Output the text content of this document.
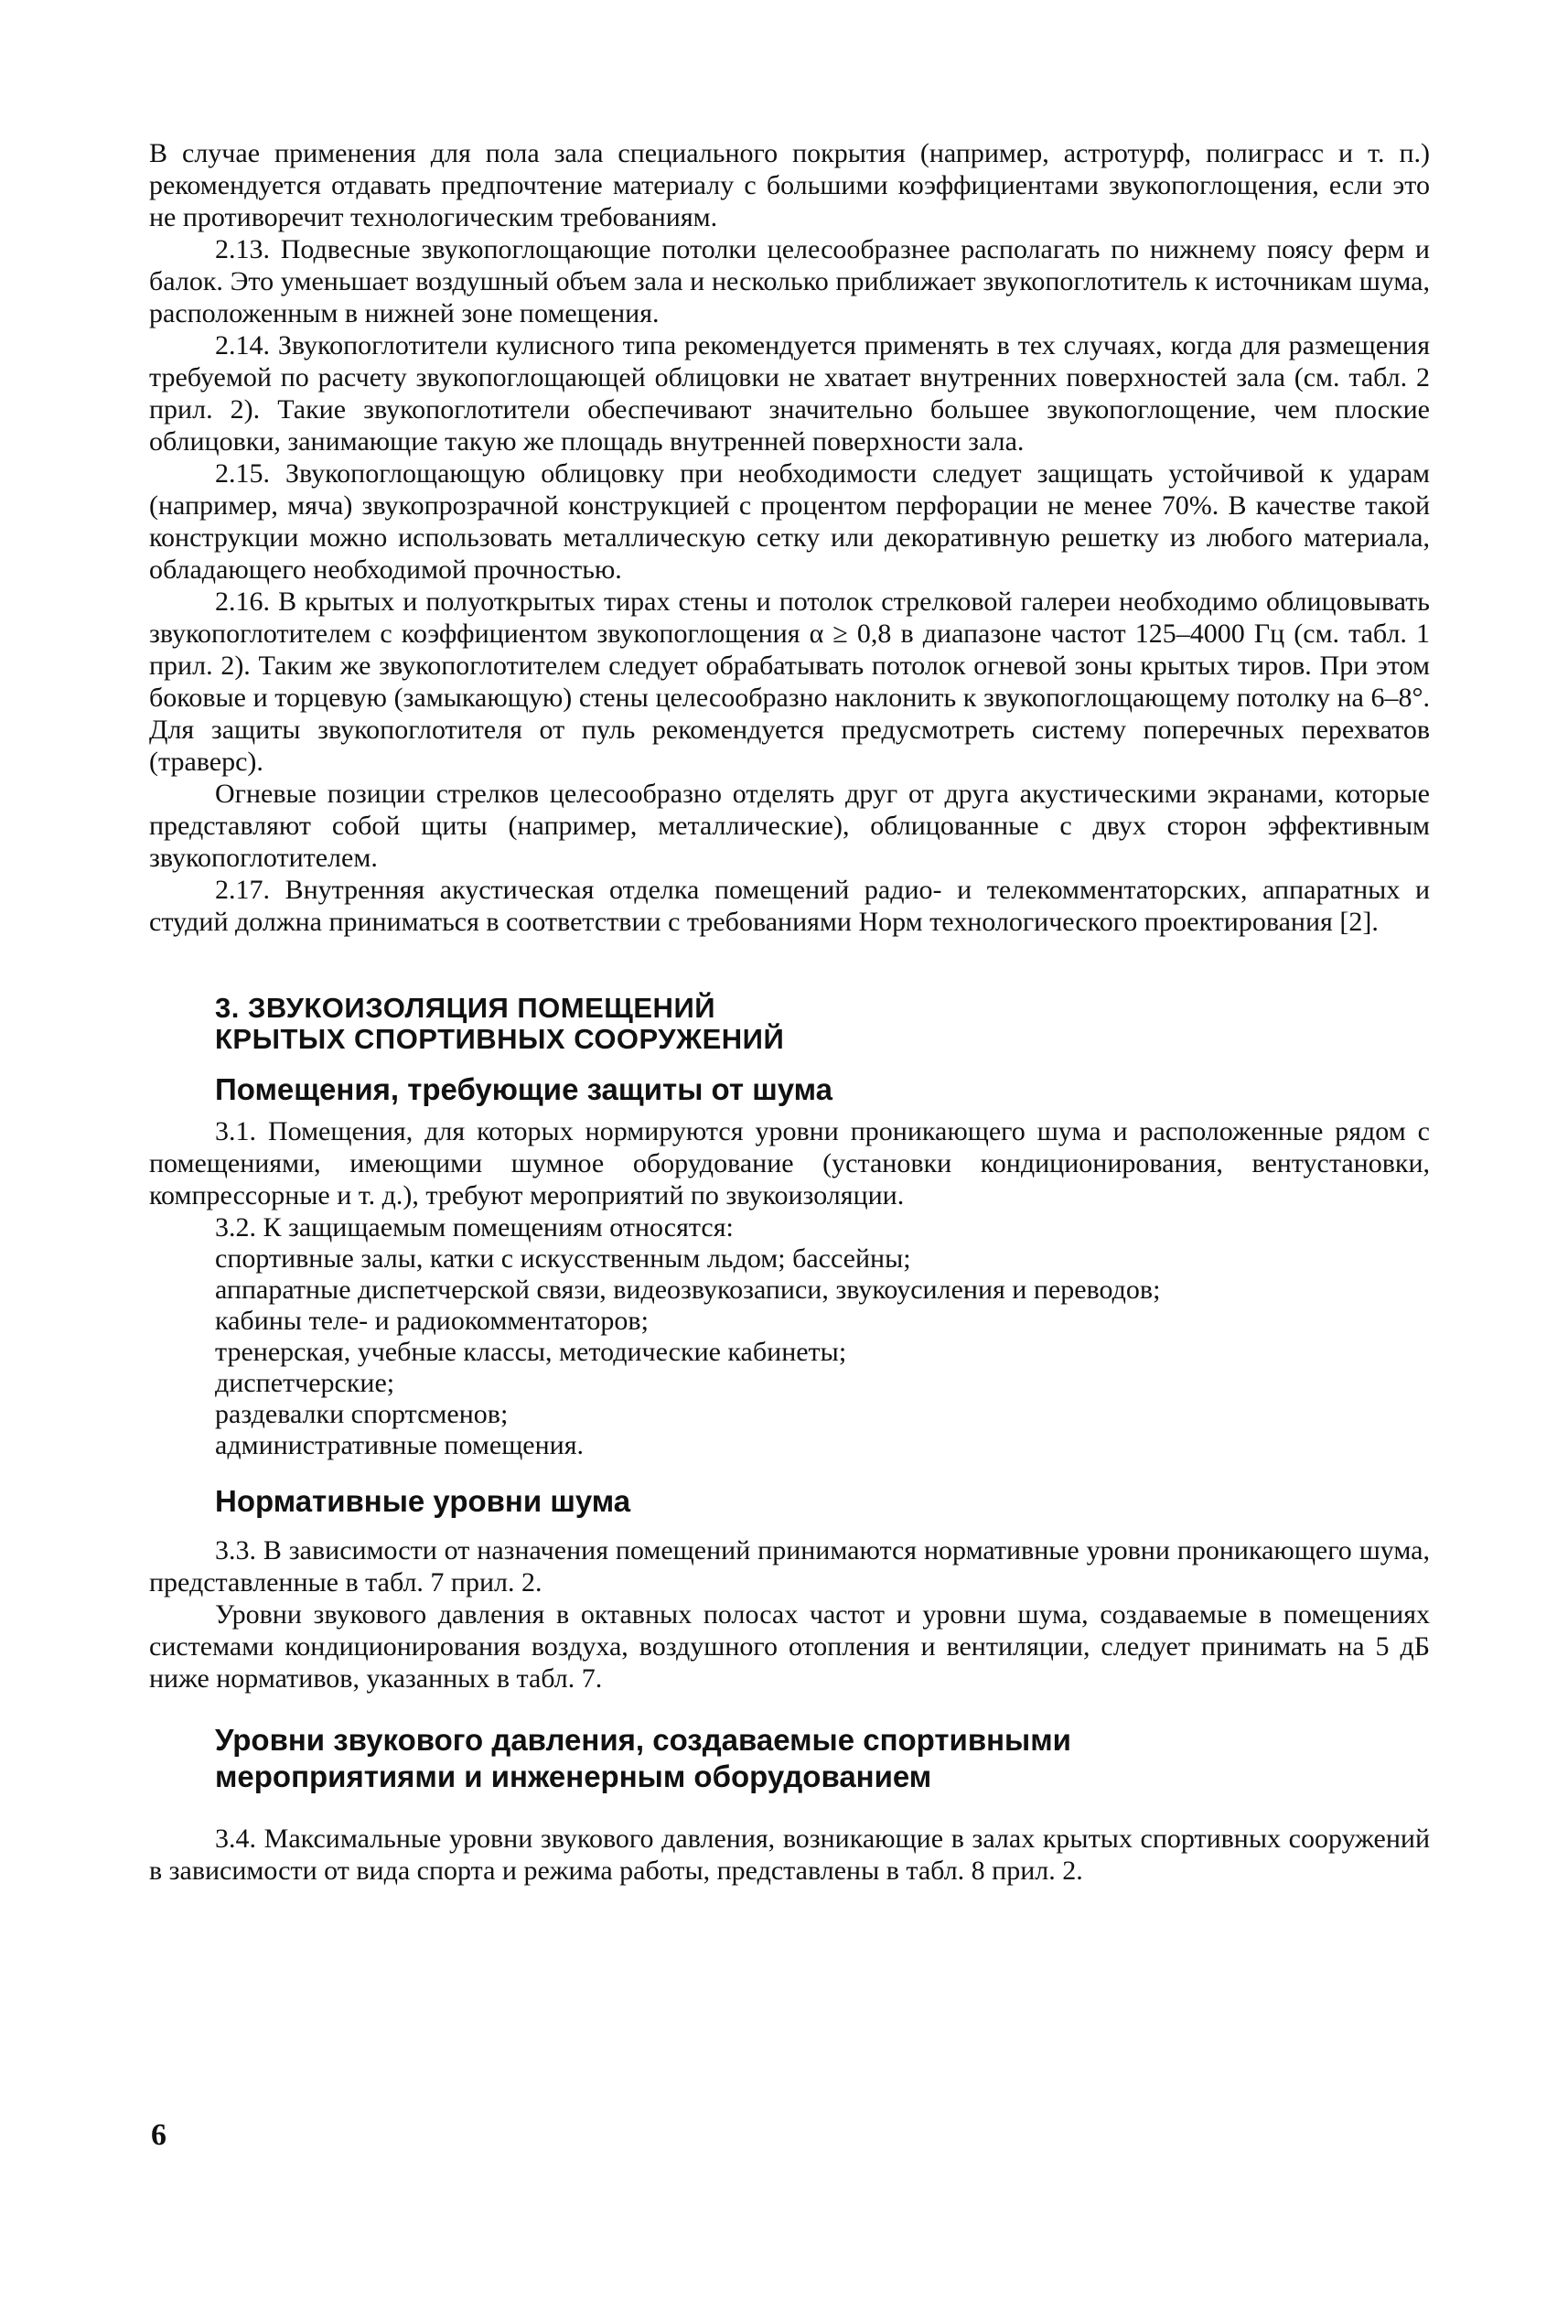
В случае применения для пола зала специального покрытия (например, астротурф, полиграсс и т. п.) рекомендуется отдавать предпочтение материалу с большими коэффициентами звукопоглощения, если это не противоречит технологическим требованиям.

2.13. Подвесные звукопоглощающие потолки целесообразнее располагать по нижнему поясу ферм и балок. Это уменьшает воздушный объем зала и несколько приближает звукопоглотитель к источникам шума, расположенным в нижней зоне помещения.

2.14. Звукопоглотители кулисного типа рекомендуется применять в тех случаях, когда для размещения требуемой по расчету звукопоглощающей облицовки не хватает внутренних поверхностей зала (см. табл. 2 прил. 2). Такие звукопоглотители обеспечивают значительно большее звукопоглощение, чем плоские облицовки, занимающие такую же площадь внутренней поверхности зала.

2.15. Звукопоглощающую облицовку при необходимости следует защищать устойчивой к ударам (например, мяча) звукопрозрачной конструкцией с процентом перфорации не менее 70%. В качестве такой конструкции можно использовать металлическую сетку или декоративную решетку из любого материала, обладающего необходимой прочностью.

2.16. В крытых и полуоткрытых тирах стены и потолок стрелковой галереи необходимо облицовывать звукопоглотителем с коэффициентом звукопоглощения α ≥ 0,8 в диапазоне частот 125–4000 Гц (см. табл. 1 прил. 2). Таким же звукопоглотителем следует обрабатывать потолок огневой зоны крытых тиров. При этом боковые и торцевую (замыкающую) стены целесообразно наклонить к звукопоглощающему потолку на 6–8°. Для защиты звукопоглотителя от пуль рекомендуется предусмотреть систему поперечных перехватов (траверс).

Огневые позиции стрелков целесообразно отделять друг от друга акустическими экранами, которые представляют собой щиты (например, металлические), облицованные с двух сторон эффективным звукопоглотителем.

2.17. Внутренняя акустическая отделка помещений радио- и телекомментаторских, аппаратных и студий должна приниматься в соответствии с требованиями Норм технологического проектирования [2].

3. ЗВУКОИЗОЛЯЦИЯ ПОМЕЩЕНИЙ
КРЫТЫХ СПОРТИВНЫХ СООРУЖЕНИЙ
Помещения, требующие защиты от шума

3.1. Помещения, для которых нормируются уровни проникающего шума и расположенные рядом с помещениями, имеющими шумное оборудование (установки кондиционирования, вентустановки, компрессорные и т. д.), требуют мероприятий по звукоизоляции.

3.2. К защищаемым помещениям относятся:

спортивные залы, катки с искусственным льдом; бассейны;
аппаратные диспетчерской связи, видеозвукозаписи, звукоусиления и переводов;
кабины теле- и радиокомментаторов;
тренерская, учебные классы, методические кабинеты;
диспетчерские;
раздевалки спортсменов;
административные помещения.
Нормативные уровни шума

3.3. В зависимости от назначения помещений принимаются нормативные уровни проникающего шума, представленные в табл. 7 прил. 2.

Уровни звукового давления в октавных полосах частот и уровни шума, создаваемые в помещениях системами кондиционирования воздуха, воздушного отопления и вентиляции, следует принимать на 5 дБ ниже нормативов, указанных в табл. 7.

Уровни звукового давления, создаваемые спортивными
мероприятиями и инженерным оборудованием

3.4. Максимальные уровни звукового давления, возникающие в залах крытых спортивных сооружений в зависимости от вида спорта и режима работы, представлены в табл. 8 прил. 2.

6
